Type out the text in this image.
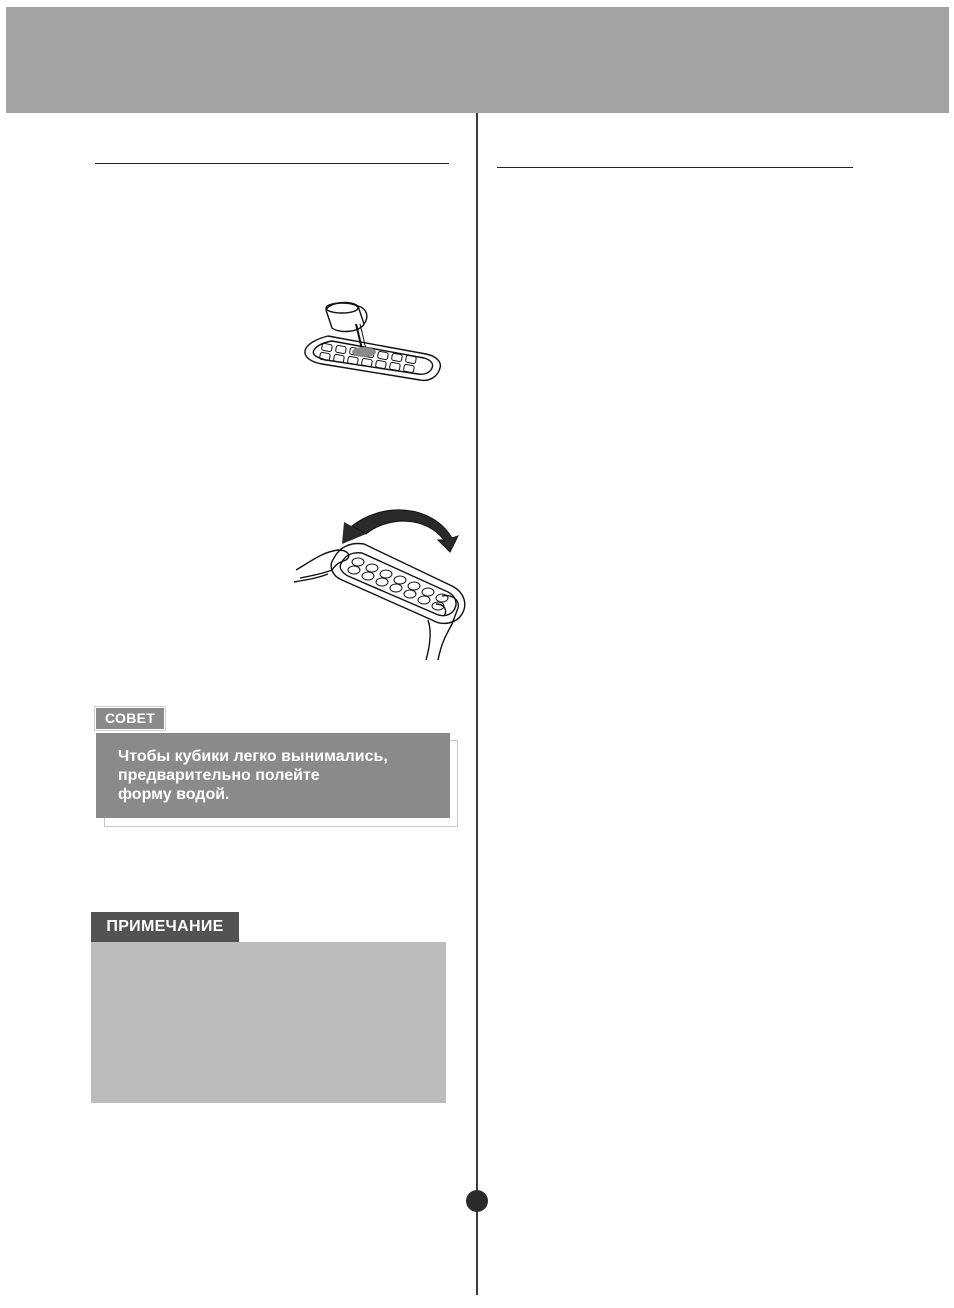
Чтобы кубики легко вынимались,
предварительно полейте
форму водой.

СОВЕТ
ПРИМЕЧАНИЕ
